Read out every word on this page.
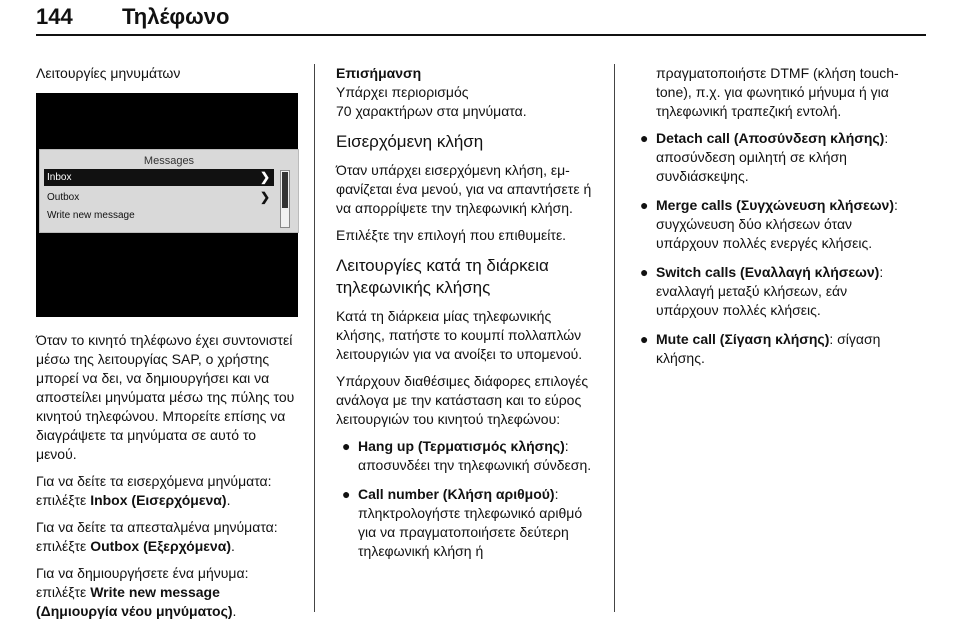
144 Τηλέφωνο
Λειτουργίες μηνυμάτων
Messages
Inbox	❯
Outbox	❯
Write new message

Όταν το κινητό τηλέφωνο έχει συντονιστεί μέσω της λειτουργίας SAP, ο χρήστης μπορεί να δει, να δημιουργήσει και να αποστείλει μηνύματα μέσω της πύλης του κινητού τηλεφώνου. Μπορείτε επίσης να διαγράψετε τα μηνύματα σε αυτό το μενού.

Για να δείτε τα εισερχόμενα μηνύματα: επιλέξτε Inbox (Εισερχόμενα).

Για να δείτε τα απεσταλμένα μηνύματα: επιλέξτε Outbox (Εξερχόμενα).

Για να δημιουργήσετε ένα μήνυμα: επιλέξτε Write new message (Δημιουργία νέου μηνύματος).

Επισήμανση
Υπάρχει περιορισμός
70 χαρακτήρων στα μηνύματα.
Εισερχόμενη κλήση

Όταν υπάρχει εισερχόμενη κλήση, εμφανίζεται ένα μενού, για να απαντήσετε ή να απορρίψετε την τηλεφωνική κλήση.

Επιλέξτε την επιλογή που επιθυμείτε.

Λειτουργίες κατά τη διάρκεια τηλεφωνικής κλήσης

Κατά τη διάρκεια μίας τηλεφωνικής κλήσης, πατήστε το κουμπί πολλαπλών λειτουργιών για να ανοίξει το υπομενού.

Υπάρχουν διαθέσιμες διάφορες επιλογές ανάλογα με την κατάσταση και το εύρος λειτουργιών του κινητού τηλεφώνου:

● Hang up (Τερματισμός κλήσης): αποσυνδέει την τηλεφωνική σύνδεση.
● Call number (Κλήση αριθμού): πληκτρολογήστε τηλεφωνικό αριθμό για να πραγματοποιήσετε δεύτερη τηλεφωνική κλήση ή

πραγματοποιήστε DTMF (κλήση touch-tone), π.χ. για φωνητικό μήνυμα ή για τηλεφωνική τραπεζική εντολή.

● Detach call (Αποσύνδεση κλήσης): αποσύνδεση ομιλητή σε κλήση συνδιάσκεψης.
● Merge calls (Συγχώνευση κλήσεων): συγχώνευση δύο κλήσεων όταν υπάρχουν πολλές ενεργές κλήσεις.
● Switch calls (Εναλλαγή κλήσεων): εναλλαγή μεταξύ κλήσεων, εάν υπάρχουν πολλές κλήσεις.
● Mute call (Σίγαση κλήσης): σίγαση κλήσης.
